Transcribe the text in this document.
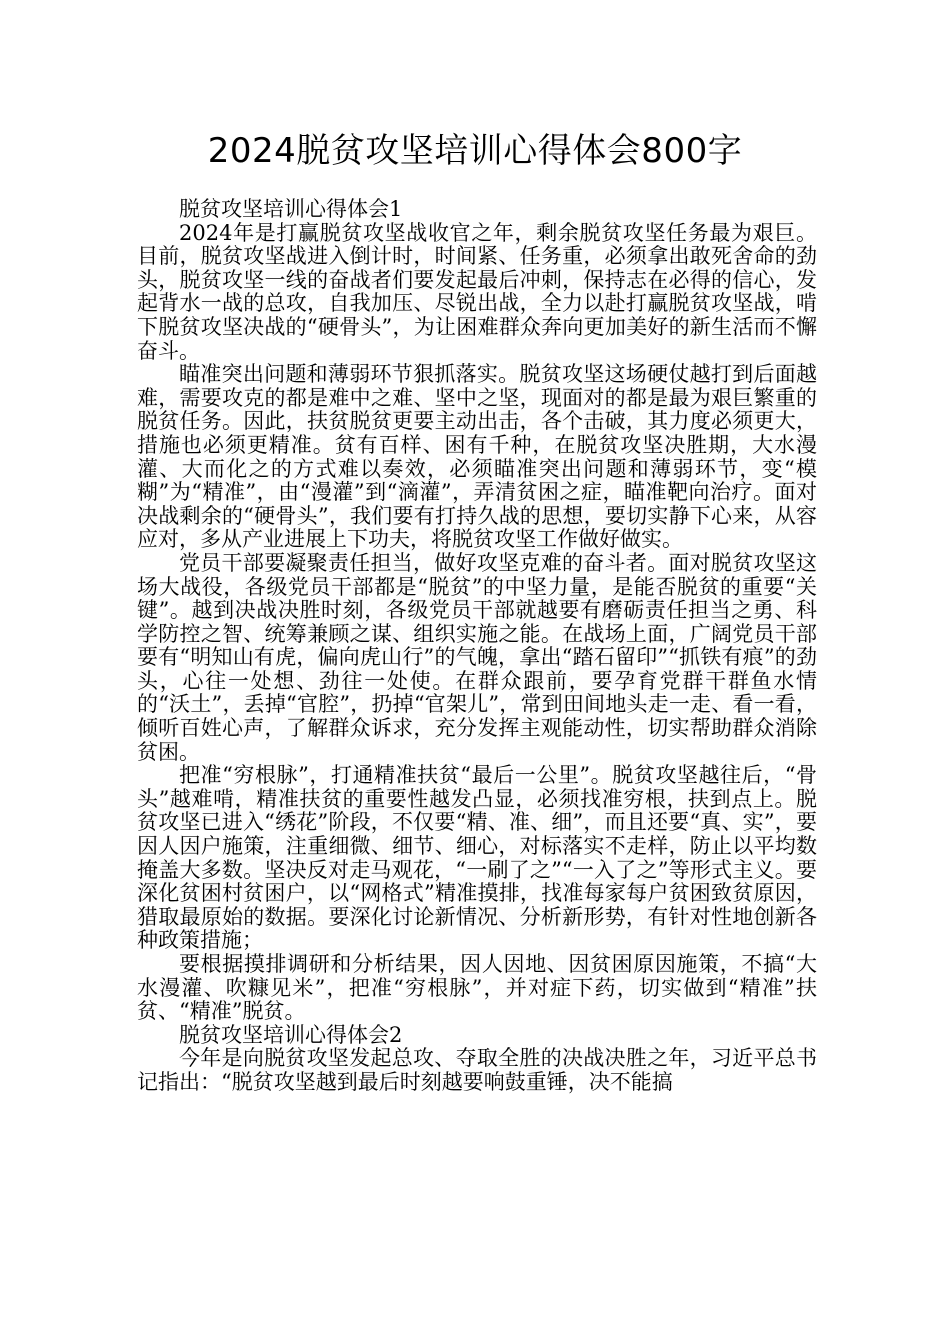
2024脱贫攻坚培训心得体会800字

脱贫攻坚培训心得体会1

2024年是打赢脱贫攻坚战收官之年，剩余脱贫攻坚任务最为艰巨。目前，脱贫攻坚战进入倒计时，时间紧、任务重，必须拿出敢死舍命的劲头，脱贫攻坚一线的奋战者们要发起最后冲刺，保持志在必得的信心，发起背水一战的总攻，自我加压、尽锐出战，全力以赴打赢脱贫攻坚战，啃下脱贫攻坚决战的“硬骨头”，为让困难群众奔向更加美好的新生活而不懈奋斗。

瞄准突出问题和薄弱环节狠抓落实。脱贫攻坚这场硬仗越打到后面越难，需要攻克的都是难中之难、坚中之坚，现面对的都是最为艰巨繁重的脱贫任务。因此，扶贫脱贫更要主动出击，各个击破，其力度必须更大，措施也必须更精准。贫有百样、困有千种，在脱贫攻坚决胜期，大水漫灌、大而化之的方式难以奏效，必须瞄准突出问题和薄弱环节，变“模糊”为“精准”，由“漫灌”到“滴灌”，弄清贫困之症，瞄准靶向治疗。面对决战剩余的“硬骨头”，我们要有打持久战的思想，要切实静下心来，从容应对，多从产业进展上下功夫，将脱贫攻坚工作做好做实。

党员干部要凝聚责任担当，做好攻坚克难的奋斗者。面对脱贫攻坚这场大战役，各级党员干部都是“脱贫”的中坚力量，是能否脱贫的重要“关键”。越到决战决胜时刻，各级党员干部就越要有磨砺责任担当之勇、科学防控之智、统筹兼顾之谋、组织实施之能。在战场上面，广阔党员干部要有“明知山有虎，偏向虎山行”的气魄，拿出“踏石留印”“抓铁有痕”的劲头，心往一处想、劲往一处使。在群众跟前，要孕育党群干群鱼水情的“沃土”，丢掉“官腔”，扔掉“官架儿”，常到田间地头走一走、看一看，倾听百姓心声，了解群众诉求，充分发挥主观能动性，切实帮助群众消除贫困。

把准“穷根脉”，打通精准扶贫“最后一公里”。脱贫攻坚越往后，“骨头”越难啃，精准扶贫的重要性越发凸显，必须找准穷根，扶到点上。脱贫攻坚已进入“绣花”阶段，不仅要“精、准、细”，而且还要“真、实”，要因人因户施策，注重细微、细节、细心，对标落实不走样，防止以平均数掩盖大多数。坚决反对走马观花，“一刷了之”“一入了之”等形式主义。要深化贫困村贫困户，以“网格式”精准摸排，找准每家每户贫困致贫原因，猎取最原始的数据。要深化讨论新情况、分析新形势，有针对性地创新各种政策措施；

要根据摸排调研和分析结果，因人因地、因贫困原因施策，不搞“大水漫灌、吹糠见米”，把准“穷根脉”，并对症下药，切实做到“精准”扶贫、“精准”脱贫。

脱贫攻坚培训心得体会2

今年是向脱贫攻坚发起总攻、夺取全胜的决战决胜之年，习近平总书记指出：“脱贫攻坚越到最后时刻越要响鼓重锤，决不能搞
